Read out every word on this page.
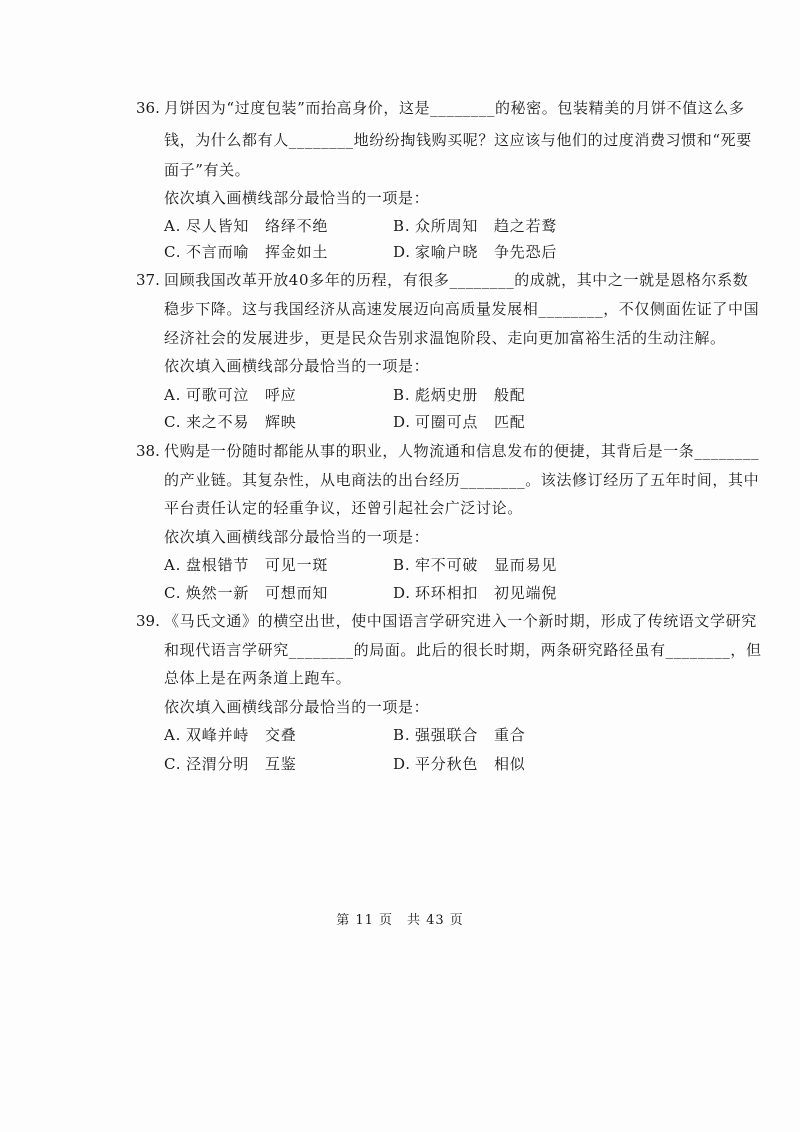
36. 月饼因为“过度包装”而抬高身价，这是________的秘密。包装精美的月饼不值这么多
钱，为什么都有人________地纷纷掏钱购买呢？这应该与他们的过度消费习惯和“死要
面子”有关。
依次填入画横线部分最恰当的一项是：
A. 尽人皆知　络绎不绝	B. 众所周知　趋之若鹜
C. 不言而喻　挥金如土	D. 家喻户晓　争先恐后
37. 回顾我国改革开放40多年的历程，有很多________的成就，其中之一就是恩格尔系数
稳步下降。这与我国经济从高速发展迈向高质量发展相________，不仅侧面佐证了中国
经济社会的发展进步，更是民众告别求温饱阶段、走向更加富裕生活的生动注解。
依次填入画横线部分最恰当的一项是：
A. 可歌可泣　呼应	B. 彪炳史册　般配
C. 来之不易　辉映	D. 可圈可点　匹配
38. 代购是一份随时都能从事的职业，人物流通和信息发布的便捷，其背后是一条________
的产业链。其复杂性，从电商法的出台经历________。该法修订经历了五年时间，其中
平台责任认定的轻重争议，还曾引起社会广泛讨论。
依次填入画横线部分最恰当的一项是：
A. 盘根错节　可见一斑	B. 牢不可破　显而易见
C. 焕然一新　可想而知	D. 环环相扣　初见端倪
39. 《马氏文通》的横空出世，使中国语言学研究进入一个新时期，形成了传统语文学研究
和现代语言学研究________的局面。此后的很长时期，两条研究路径虽有________，但
总体上是在两条道上跑车。
依次填入画横线部分最恰当的一项是：
A. 双峰并峙　交叠	B. 强强联合　重合
C. 泾渭分明　互鉴	D. 平分秋色　相似
第 11 页　共 43 页
